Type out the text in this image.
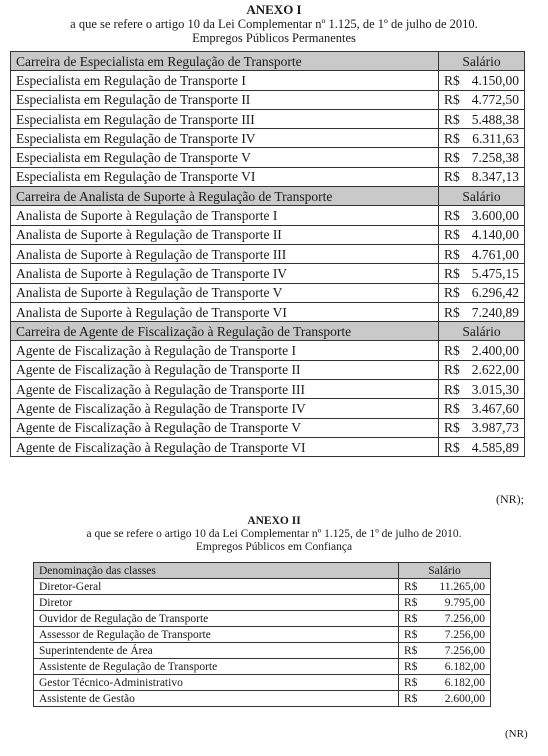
ANEXO I
a que se refere o artigo 10 da Lei Complementar nº 1.125, de 1º de julho de 2010.
Empregos Públicos Permanentes
Carreira de Especialista em Regulação de Transporte	Salário
Especialista em Regulação de Transporte I	R$ 4.150,00

Especialista em Regulação de Transporte II	R$ 4.772,50

Especialista em Regulação de Transporte III	R$ 5.488,38

Especialista em Regulação de Transporte IV	R$ 6.311,63

Especialista em Regulação de Transporte V	R$ 7.258,38

Especialista em Regulação de Transporte VI	R$ 8.347,13

Carreira de Analista de Suporte à Regulação de Transporte	Salário
Analista de Suporte à Regulação de Transporte I	R$ 3.600,00

Analista de Suporte à Regulação de Transporte II	R$ 4.140,00

Analista de Suporte à Regulação de Transporte III	R$ 4.761,00

Analista de Suporte à Regulação de Transporte IV	R$ 5.475,15

Analista de Suporte à Regulação de Transporte V	R$ 6.296,42

Analista de Suporte à Regulação de Transporte VI	R$ 7.240,89

Carreira de Agente de Fiscalização à Regulação de Transporte	Salário
Agente de Fiscalização à Regulação de Transporte I	R$ 2.400,00

Agente de Fiscalização à Regulação de Transporte II	R$ 2.622,00

Agente de Fiscalização à Regulação de Transporte III	R$ 3.015,30

Agente de Fiscalização à Regulação de Transporte IV	R$ 3.467,60

Agente de Fiscalização à Regulação de Transporte V	R$ 3.987,73

Agente de Fiscalização à Regulação de Transporte VI	R$ 4.585,89
(NR);
ANEXO II
a que se refere o artigo 10 da Lei Complementar nº 1.125, de 1º de julho de 2010.
Empregos Públicos em Confiança
Denominação das classes	Salário
Diretor-Geral	R$ 11.265,00

Diretor	R$ 9.795,00

Ouvidor de Regulação de Transporte	R$ 7.256,00

Assessor de Regulação de Transporte	R$ 7.256,00

Superintendente de Área	R$ 7.256,00

Assistente de Regulação de Transporte	R$ 6.182,00

Gestor Técnico-Administrativo	R$ 6.182,00

Assistente de Gestão	R$ 2.600,00
(NR)
